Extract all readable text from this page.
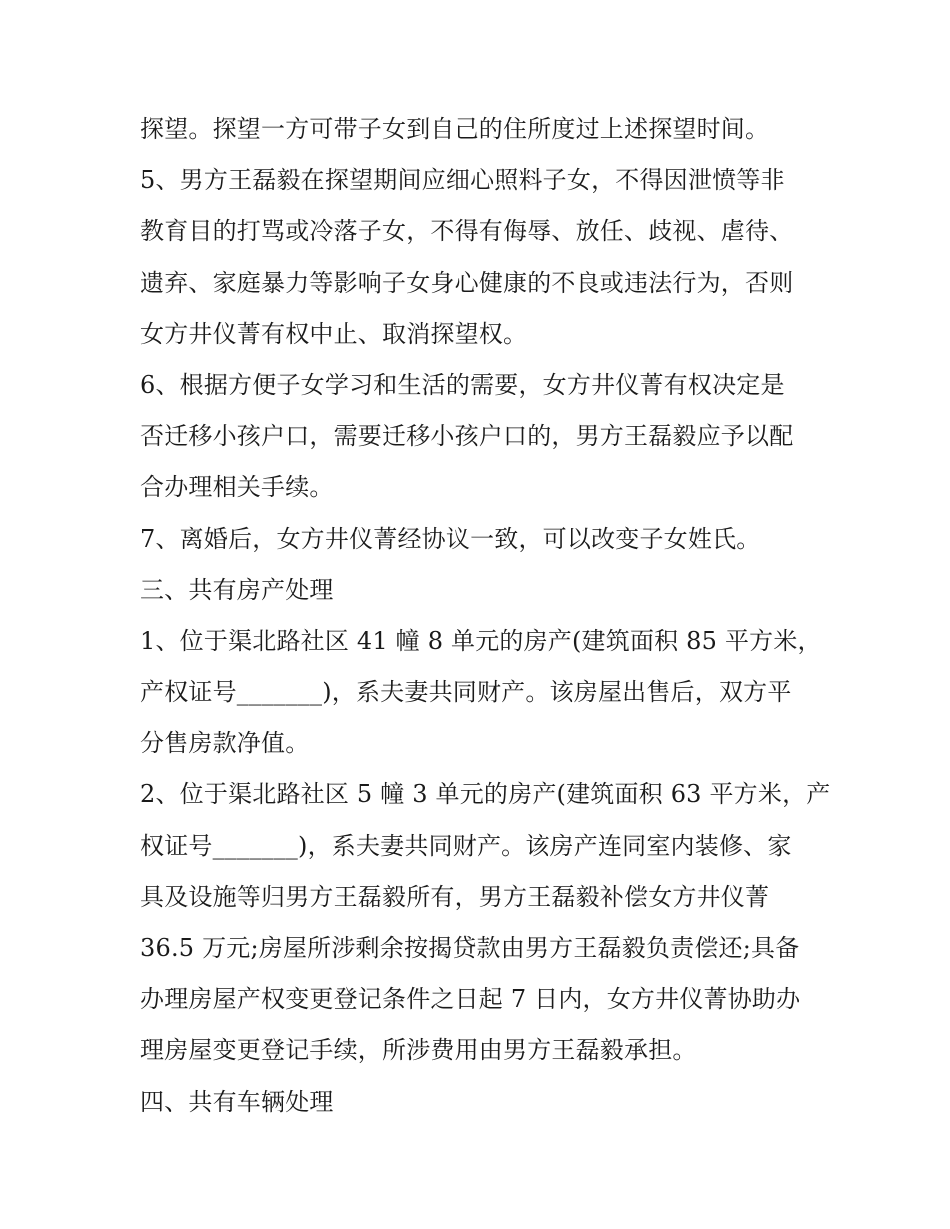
探望。探望一方可带子女到自己的住所度过上述探望时间。
5、男方王磊毅在探望期间应细心照料子女，不得因泄愤等非
教育目的打骂或冷落子女，不得有侮辱、放任、歧视、虐待、
遗弃、家庭暴力等影响子女身心健康的不良或违法行为，否则
女方井仪菁有权中止、取消探望权。
6、根据方便子女学习和生活的需要，女方井仪菁有权决定是
否迁移小孩户口，需要迁移小孩户口的，男方王磊毅应予以配
合办理相关手续。
7、离婚后，女方井仪菁经协议一致，可以改变子女姓氏。
三、共有房产处理
1、位于渠北路社区 41 幢 8 单元的房产(建筑面积 85 平方米，
产权证号_______)，系夫妻共同财产。该房屋出售后，双方平
分售房款净值。
2、位于渠北路社区 5 幢 3 单元的房产(建筑面积 63 平方米，产
权证号_______)，系夫妻共同财产。该房产连同室内装修、家
具及设施等归男方王磊毅所有，男方王磊毅补偿女方井仪菁
36.5 万元;房屋所涉剩余按揭贷款由男方王磊毅负责偿还;具备
办理房屋产权变更登记条件之日起 7 日内，女方井仪菁协助办
理房屋变更登记手续，所涉费用由男方王磊毅承担。
四、共有车辆处理
